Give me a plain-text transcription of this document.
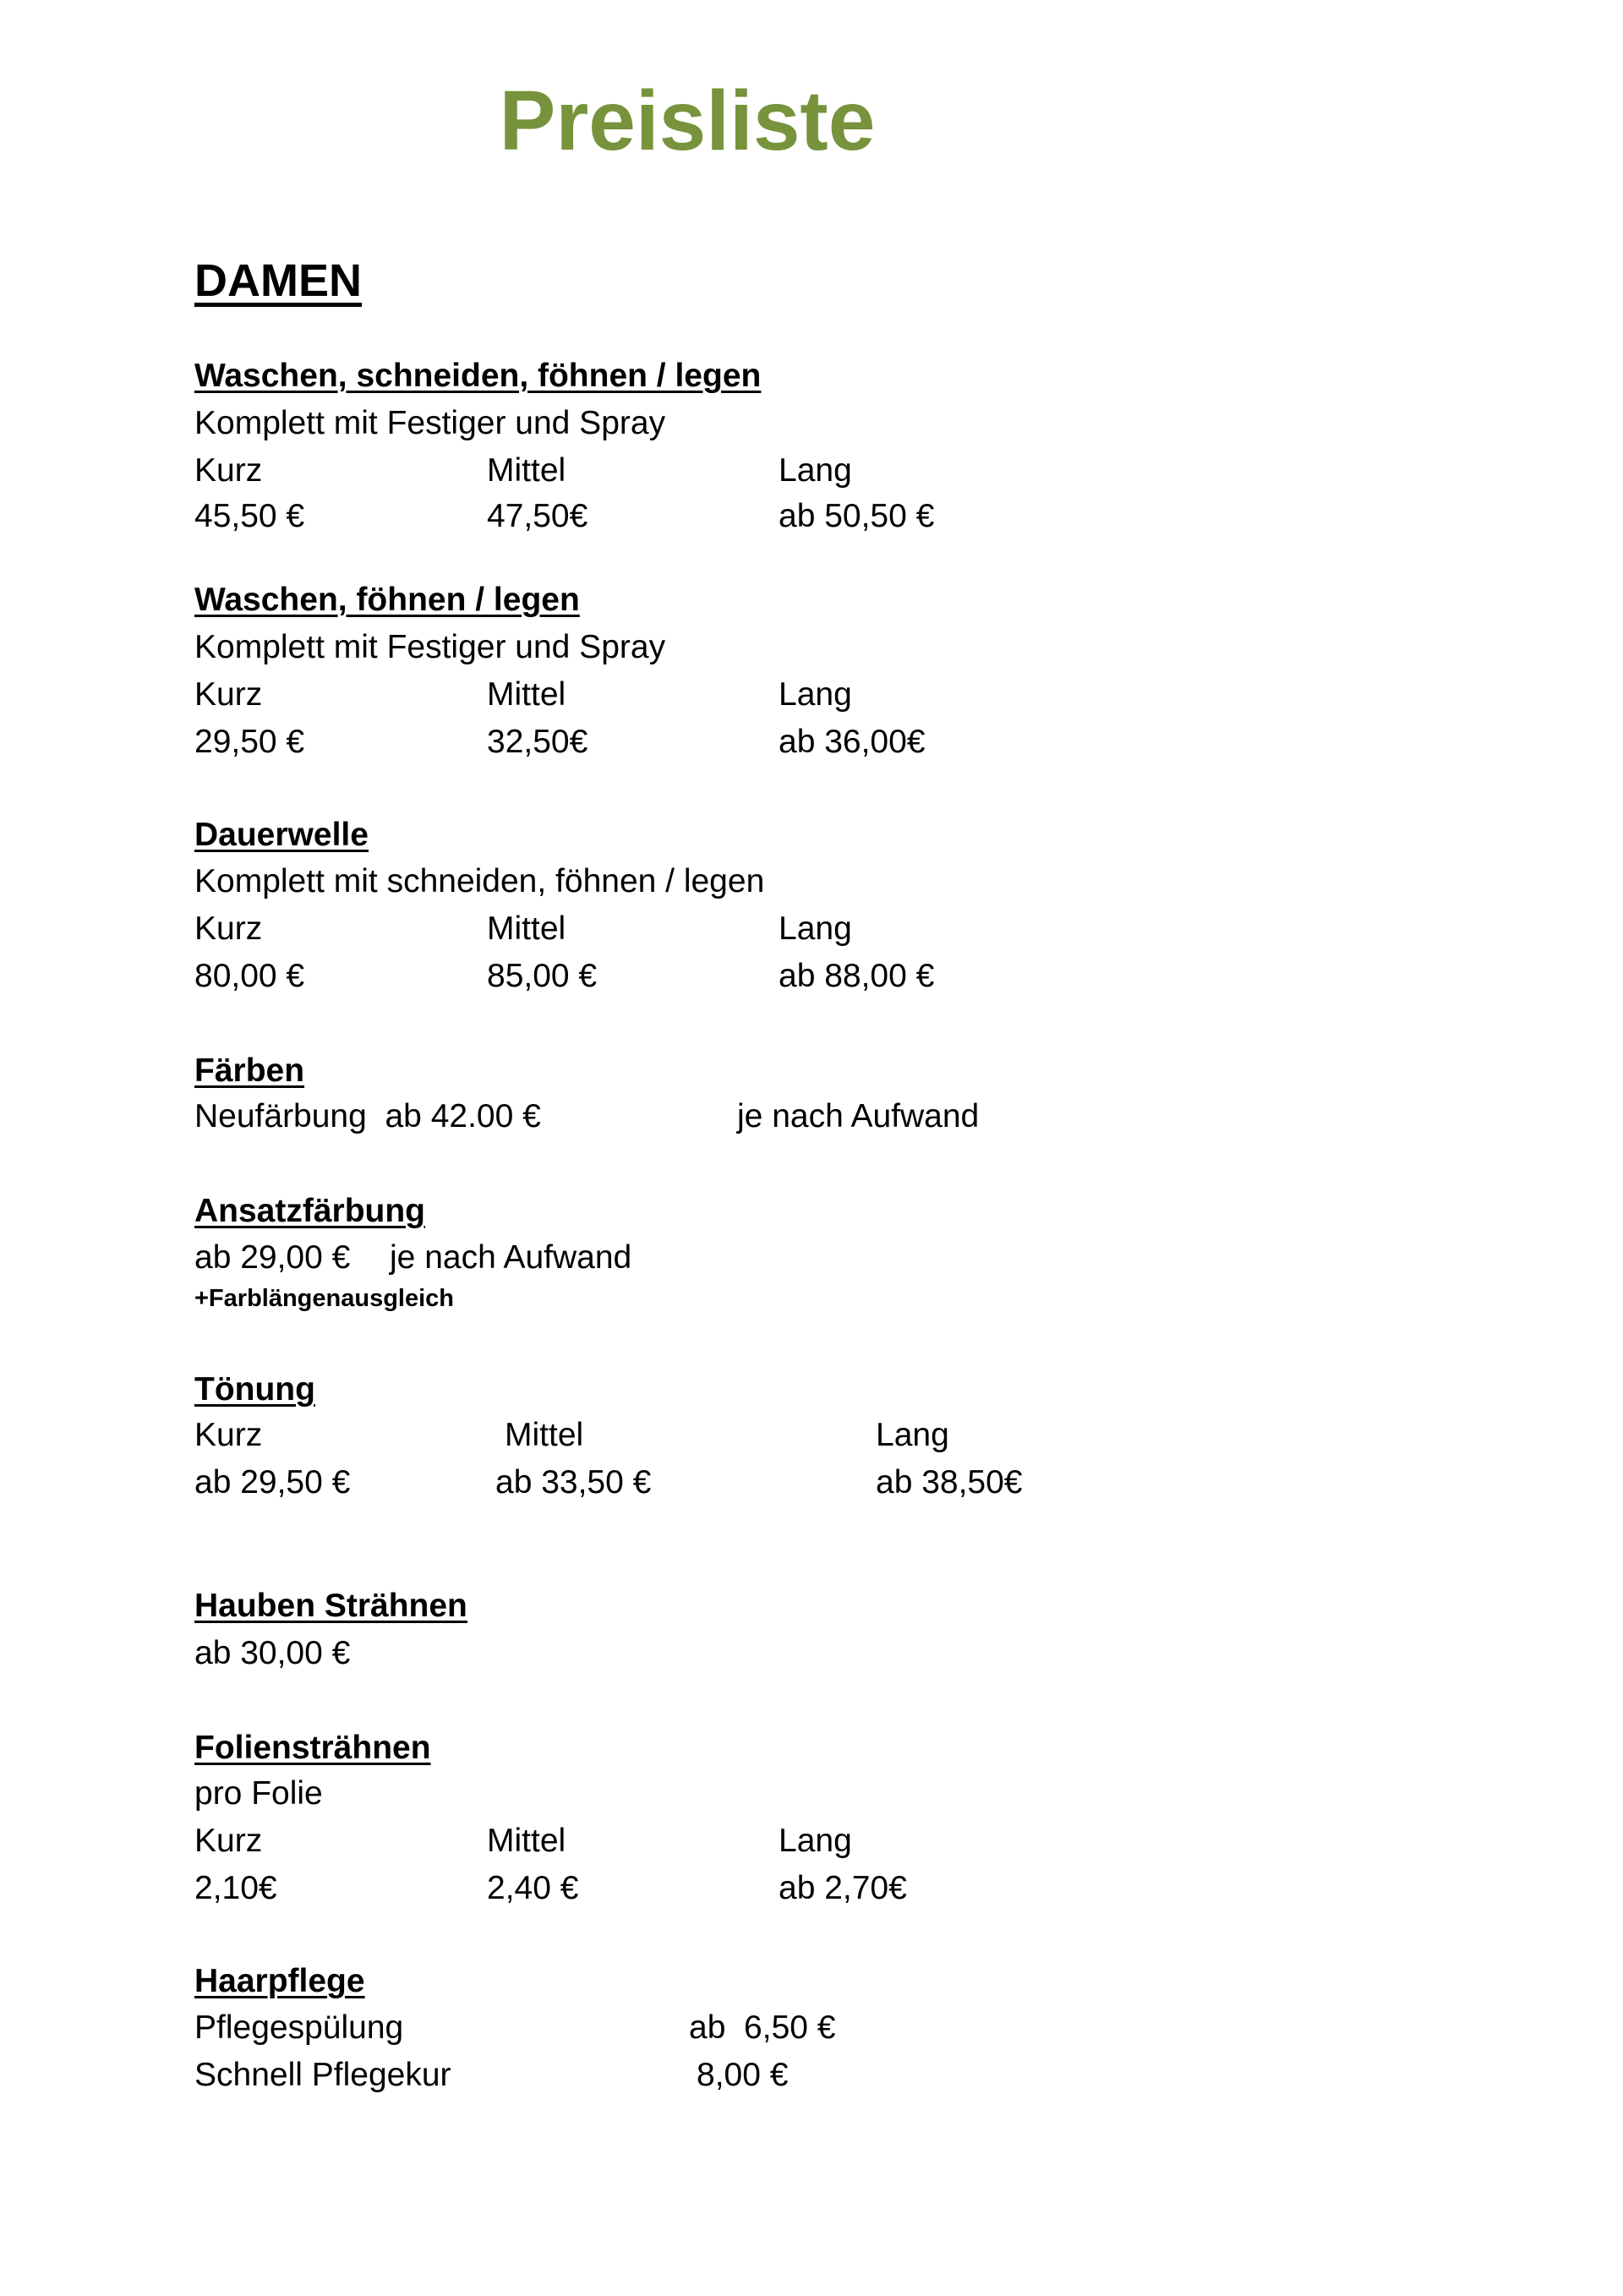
Preisliste
DAMEN
Waschen, schneiden, föhnen / legen
Komplett mit Festiger und Spray
Kurz	Mittel	Lang
45,50 €	47,50€	ab 50,50 €
Waschen, föhnen / legen
Komplett mit Festiger und Spray
Kurz	Mittel	Lang
29,50 €	32,50€	ab 36,00€
Dauerwelle
Komplett mit schneiden, föhnen / legen
Kurz	Mittel	Lang
80,00 €	85,00 €	ab 88,00 €
Färben
Neufärbung  ab 42.00 €	je nach Aufwand
Ansatzfärbung
ab 29,00 € je nach Aufwand
+Farblängenausgleich
Tönung
Kurz	Mittel	Lang
ab 29,50 €	ab 33,50 €	ab 38,50€
Hauben Strähnen
ab 30,00 €
Foliensträhnen
pro Folie
Kurz	Mittel	Lang
2,10€	2,40 €	ab 2,70€
Haarpflege
Pflegespülung	ab  6,50 €
Schnell Pflegekur	8,00 €
